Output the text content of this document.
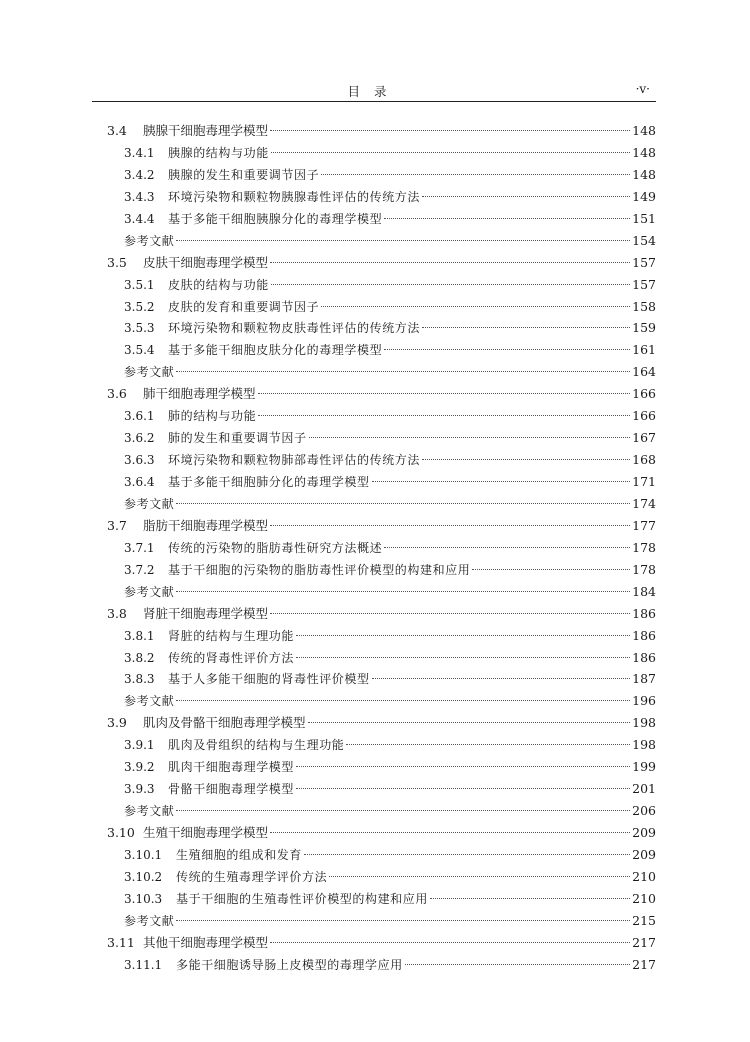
目录	·v·
3.4	胰腺干细胞毒理学模型	148
3.4.1	胰腺的结构与功能	148
3.4.2	胰腺的发生和重要调节因子	148
3.4.3	环境污染物和颗粒物胰腺毒性评估的传统方法	149
3.4.4	基于多能干细胞胰腺分化的毒理学模型	151
参考文献	154
3.5	皮肤干细胞毒理学模型	157
3.5.1	皮肤的结构与功能	157
3.5.2	皮肤的发育和重要调节因子	158
3.5.3	环境污染物和颗粒物皮肤毒性评估的传统方法	159
3.5.4	基于多能干细胞皮肤分化的毒理学模型	161
参考文献	164
3.6	肺干细胞毒理学模型	166
3.6.1	肺的结构与功能	166
3.6.2	肺的发生和重要调节因子	167
3.6.3	环境污染物和颗粒物肺部毒性评估的传统方法	168
3.6.4	基于多能干细胞肺分化的毒理学模型	171
参考文献	174
3.7	脂肪干细胞毒理学模型	177
3.7.1	传统的污染物的脂肪毒性研究方法概述	178
3.7.2	基于干细胞的污染物的脂肪毒性评价模型的构建和应用	178
参考文献	184
3.8	肾脏干细胞毒理学模型	186
3.8.1	肾脏的结构与生理功能	186
3.8.2	传统的肾毒性评价方法	186
3.8.3	基于人多能干细胞的肾毒性评价模型	187
参考文献	196
3.9	肌肉及骨骼干细胞毒理学模型	198
3.9.1	肌肉及骨组织的结构与生理功能	198
3.9.2	肌肉干细胞毒理学模型	199
3.9.3	骨骼干细胞毒理学模型	201
参考文献	206
3.10 生殖干细胞毒理学模型	209
3.10.1	生殖细胞的组成和发育	209
3.10.2	传统的生殖毒理学评价方法	210
3.10.3	基于干细胞的生殖毒性评价模型的构建和应用	210
参考文献	215
3.11 其他干细胞毒理学模型	217
3.11.1	多能干细胞诱导肠上皮模型的毒理学应用	217
